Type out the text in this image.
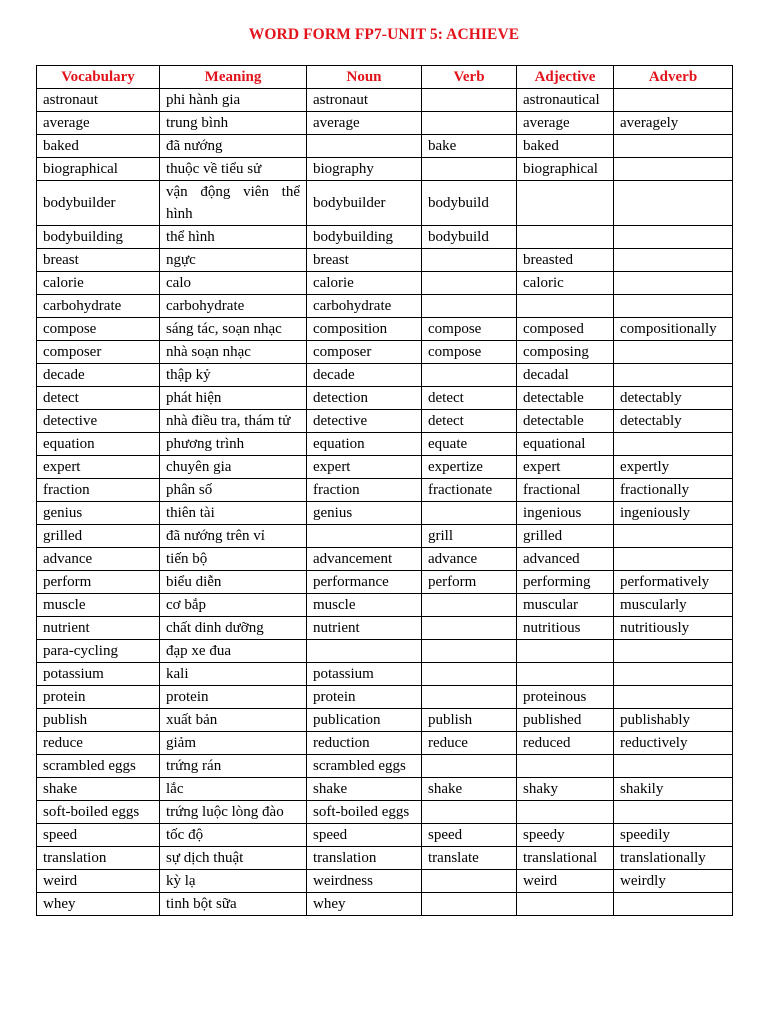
WORD FORM FP7-UNIT 5: ACHIEVE
Vocabulary	Meaning	Noun	Verb	Adjective	Adverb
astronaut	phi hành gia	astronaut		astronautical	
average	trung bình	average		average	averagely
baked	đã nướng		bake	baked	
biographical	thuộc về tiểu sử	biography		biographical	
bodybuilder	vận động viên thể hình	bodybuilder	bodybuild		
bodybuilding	thể hình	bodybuilding	bodybuild		
breast	ngực	breast		breasted	
calorie	calo	calorie		caloric	
carbohydrate	carbohydrate	carbohydrate			
compose	sáng tác, soạn nhạc	composition	compose	composed	compositionally
composer	nhà soạn nhạc	composer	compose	composing	
decade	thập kỷ	decade		decadal	
detect	phát hiện	detection	detect	detectable	detectably
detective	nhà điều tra, thám tử	detective	detect	detectable	detectably
equation	phương trình	equation	equate	equational	
expert	chuyên gia	expert	expertize	expert	expertly
fraction	phân số	fraction	fractionate	fractional	fractionally
genius	thiên tài	genius		ingenious	ingeniously
grilled	đã nướng trên vỉ		grill	grilled	
advance	tiến bộ	advancement	advance	advanced	
perform	biểu diễn	performance	perform	performing	performatively
muscle	cơ bắp	muscle		muscular	muscularly
nutrient	chất dinh dưỡng	nutrient		nutritious	nutritiously
para-cycling	đạp xe đua				
potassium	kali	potassium			
protein	protein	protein		proteinous	
publish	xuất bản	publication	publish	published	publishably
reduce	giảm	reduction	reduce	reduced	reductively
scrambled eggs	trứng rán	scrambled eggs			
shake	lắc	shake	shake	shaky	shakily
soft-boiled eggs	trứng luộc lòng đào	soft-boiled eggs			
speed	tốc độ	speed	speed	speedy	speedily
translation	sự dịch thuật	translation	translate	translational	translationally
weird	kỳ lạ	weirdness		weird	weirdly
whey	tinh bột sữa	whey			
